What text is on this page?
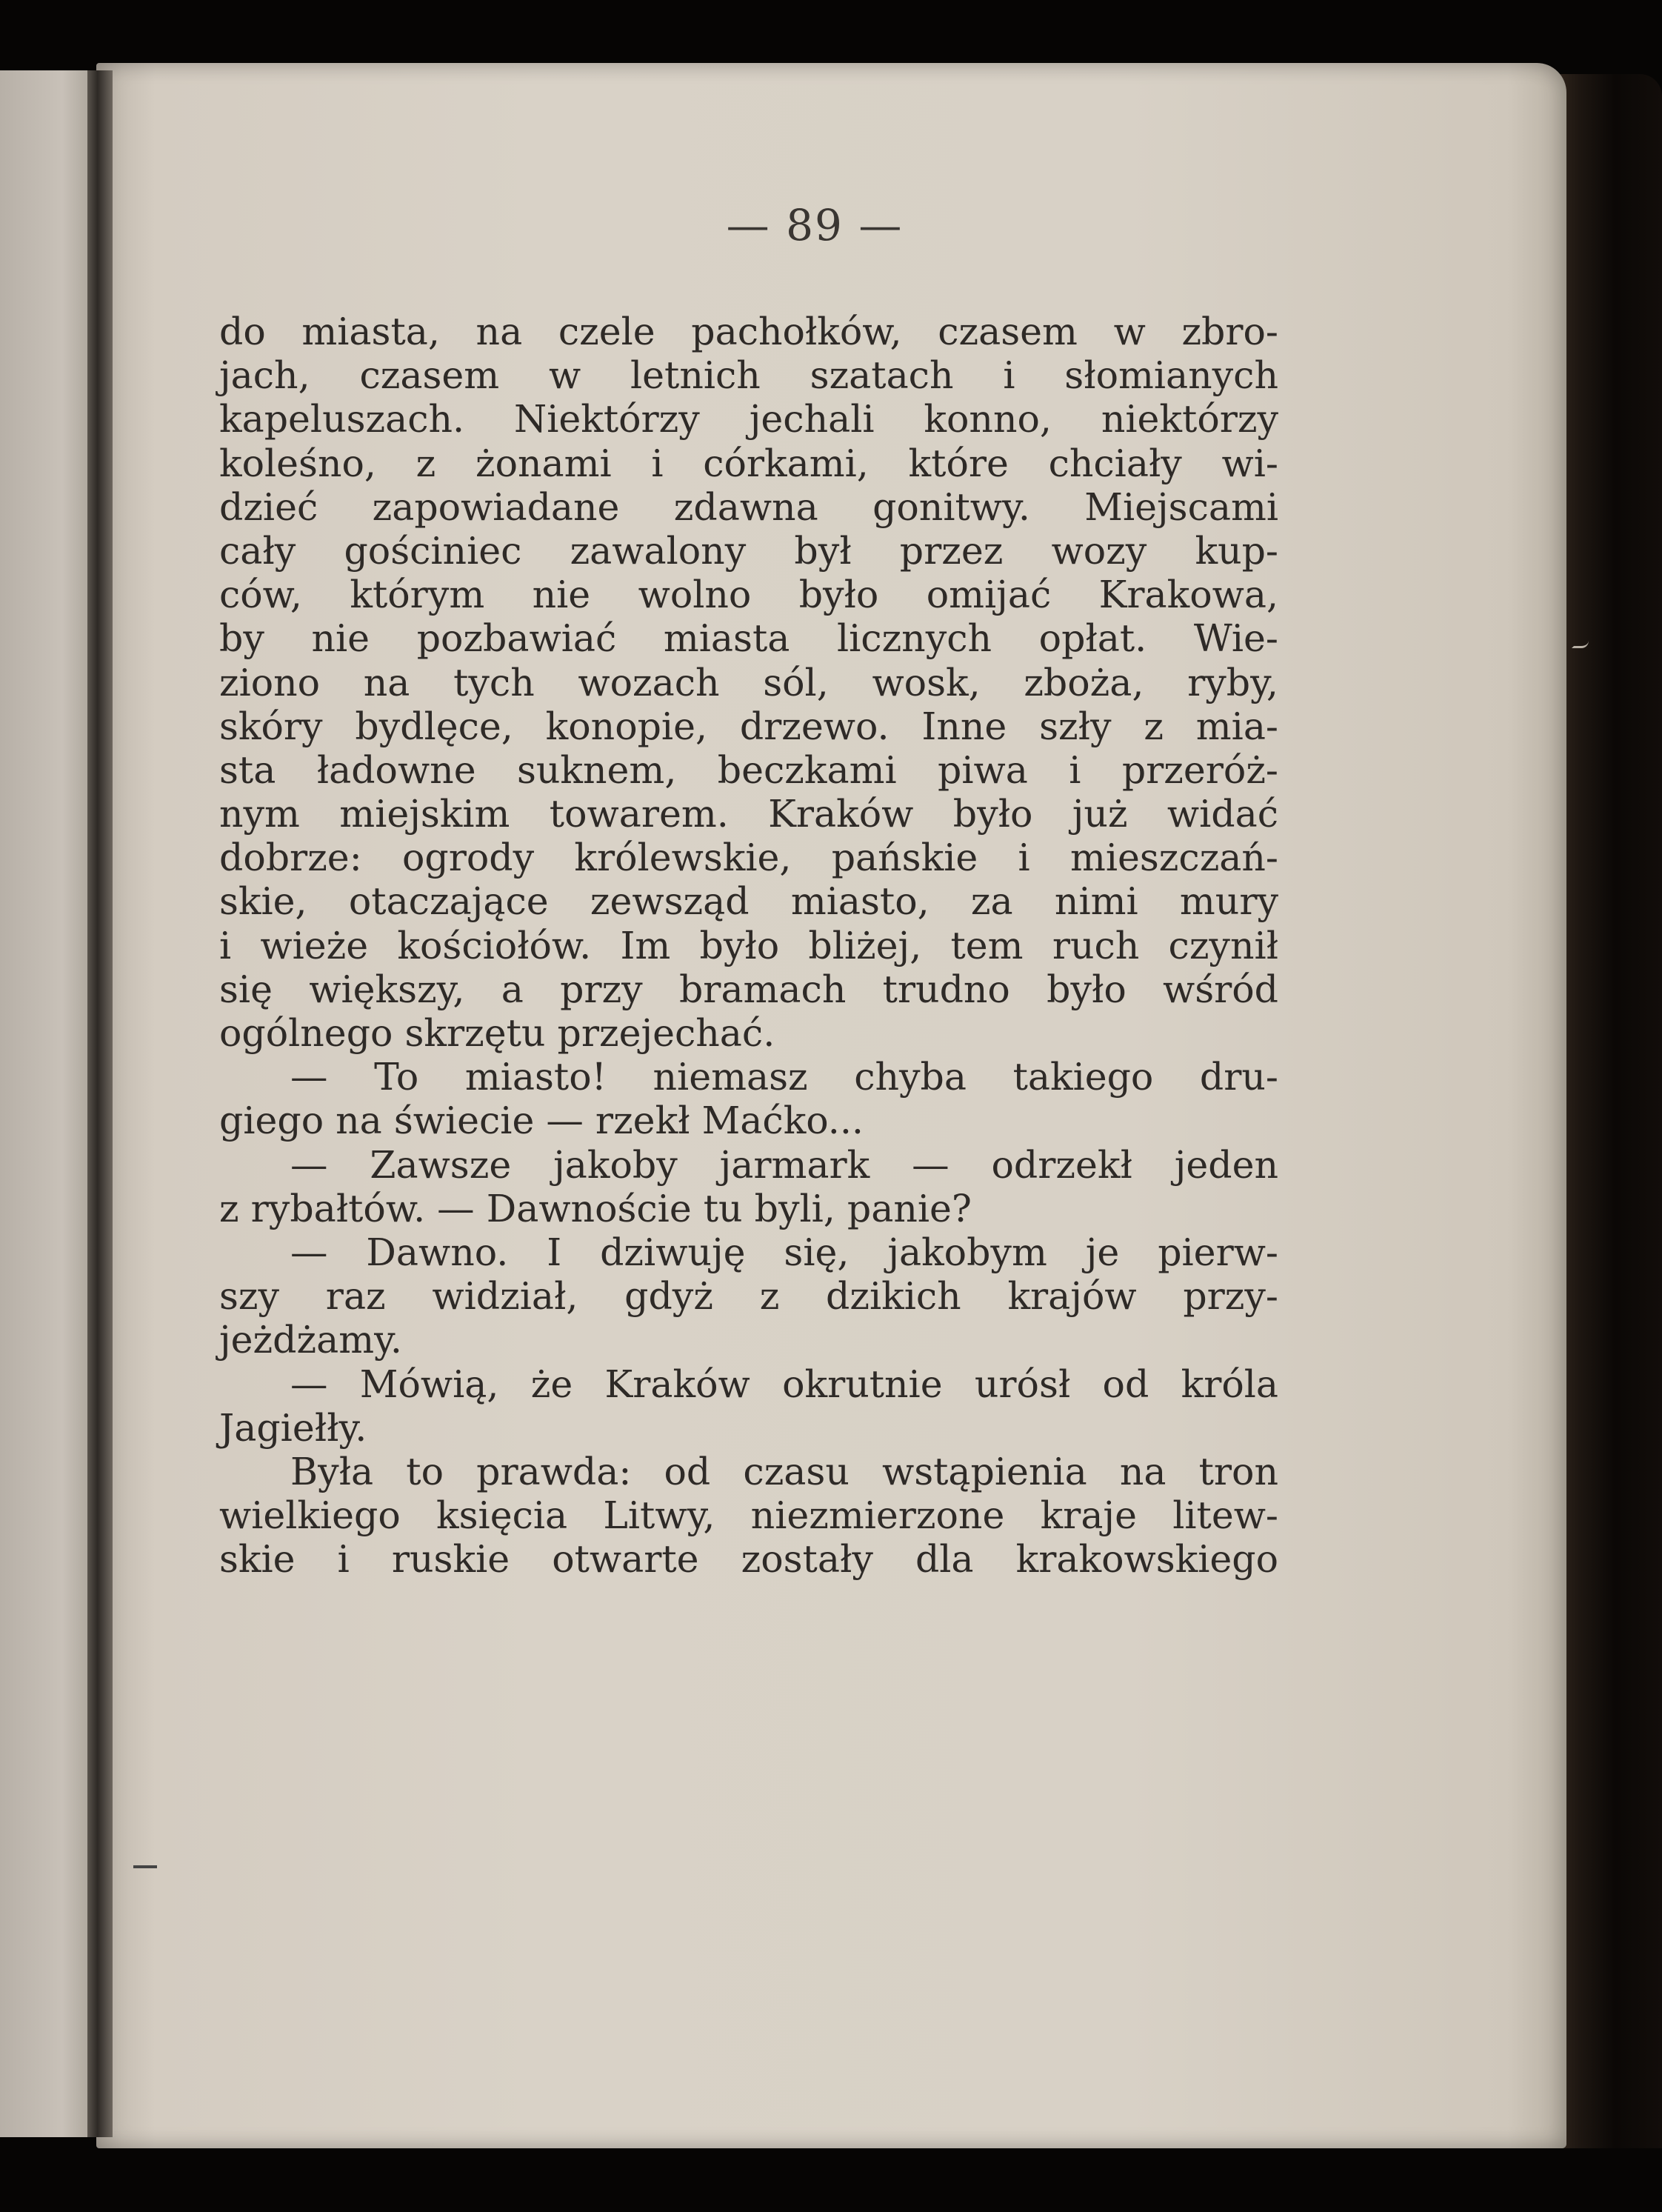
— 89 —
do miasta, na czele pachołków, czasem w zbro-
jach, czasem w letnich szatach i słomianych
kapeluszach. Niektórzy jechali konno, niektórzy
koleśno, z żonami i córkami, które chciały wi-
dzieć zapowiadane zdawna gonitwy. Miejscami
cały gościniec zawalony był przez wozy kup-
ców, którym nie wolno było omijać Krakowa,
by nie pozbawiać miasta licznych opłat. Wie-
ziono na tych wozach sól, wosk, zboża, ryby,
skóry bydlęce, konopie, drzewo. Inne szły z mia-
sta ładowne suknem, beczkami piwa i przeróż-
nym miejskim towarem. Kraków było już widać
dobrze: ogrody królewskie, pańskie i mieszczań-
skie, otaczające zewsząd miasto, za nimi mury
i wieże kościołów. Im było bliżej, tem ruch czynił
się większy, a przy bramach trudno było wśród
ogólnego skrzętu przejechać.
— To miasto! niemasz chyba takiego dru-
giego na świecie — rzekł Maćko...
— Zawsze jakoby jarmark — odrzekł jeden
z rybałtów. — Dawnoście tu byli, panie?
— Dawno. I dziwuję się, jakobym je pierw-
szy raz widział, gdyż z dzikich krajów przy-
jeżdżamy.
— Mówią, że Kraków okrutnie urósł od króla
Jagiełły.
Była to prawda: od czasu wstąpienia na tron
wielkiego księcia Litwy, niezmierzone kraje litew-
skie i ruskie otwarte zostały dla krakowskiego
